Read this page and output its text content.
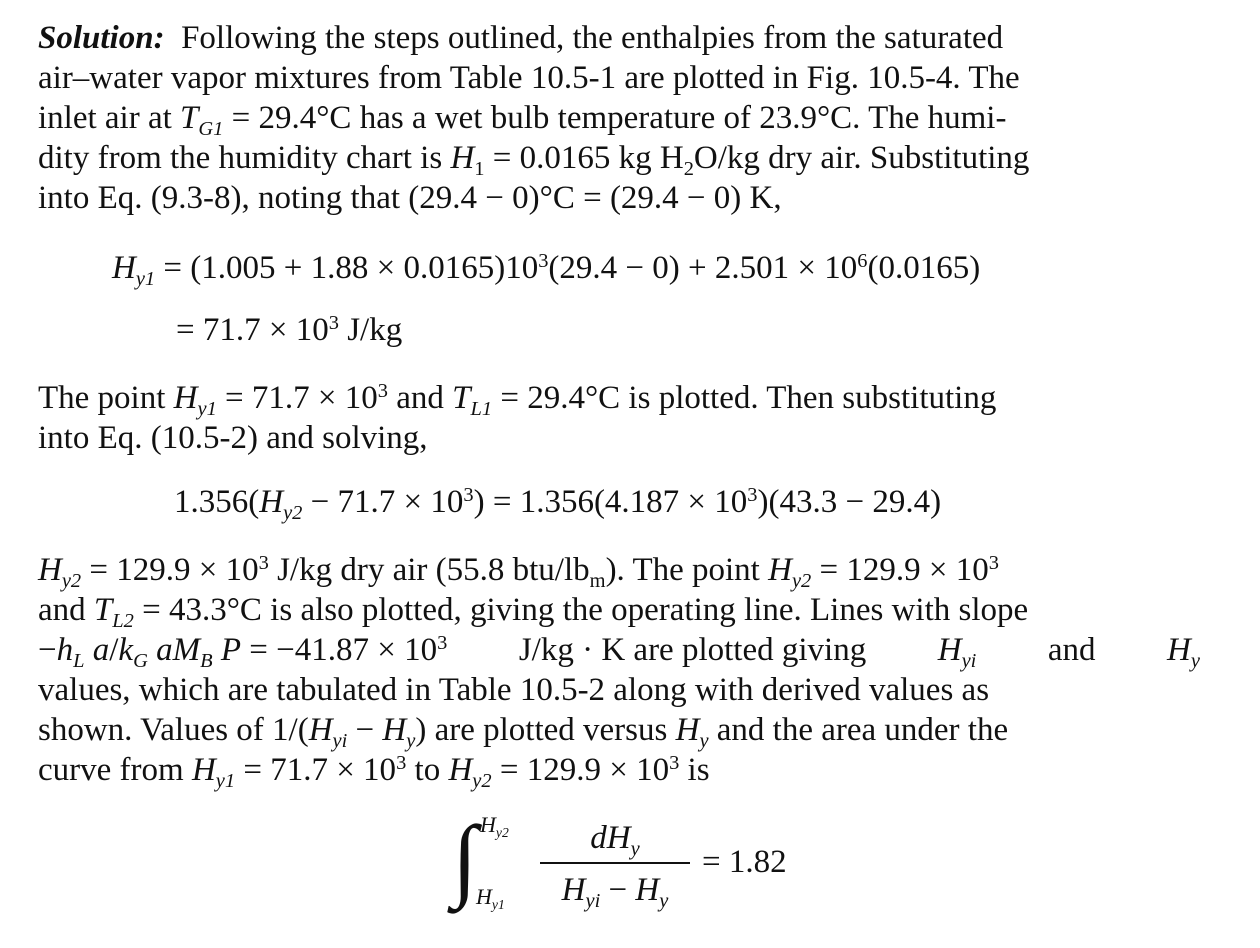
Solution: Following the steps outlined, the enthalpies from the saturated
air–water vapor mixtures from Table 10.5-1 are plotted in Fig. 10.5-4. The
inlet air at $T_{G1} = 29.4^\circ C$ has a wet bulb temperature of 23.9°C. The humi-
dity from the humidity chart is $H_1 = 0.0165$ kg $H_2O/kg$ dry air. Substituting
into Eq. (9.3-8), noting that (29.4 − 0)°C = (29.4 − 0) K,
$H_{y1} = (1.005 + 1.88 \times 0.0165)10^3(29.4 - 0) + 2.501 \times 10^6(0.0165)$
= $71.7 \times 10^3$ J/kg
The point $H_{y1} = 71.7 \times 10^3$ and $T_{L1} = 29.4^\circ C$ is plotted. Then substituting
into Eq. (10.5-2) and solving,
$1.356(H_{y2} - 71.7 \times 10^3) = 1.356(4.187 \times 10^3)(43.3 - 29.4)$
$H_{y2} = 129.9 \times 10^3$ J/kg dry air (55.8 btu/$lb_m$). The point $H_{y2} = 129.9 \times 10^3$
and $T_{L2} = 43.3^\circ C$ is also plotted, giving the operating line. Lines with slope
$-h_L$ $a/k_G$ $aM_B$ $P = -41.87 \times 10^3$ J/kg · K are plotted giving $H_{yi}$ and $H_y$
values, which are tabulated in Table 10.5-2 along with derived values as
shown. Values of $1/(H_{yi} - H_y)$ are plotted versus $H_y$ and the area under the
curve from $H_{y1} = 71.7 \times 10^3$ to $H_{y2} = 129.9 \times 10^3$ is
∫ $H_{y2}$
$H_{y1}$
$dH_y$
$H_{yi} - H_y$
= 1.82
